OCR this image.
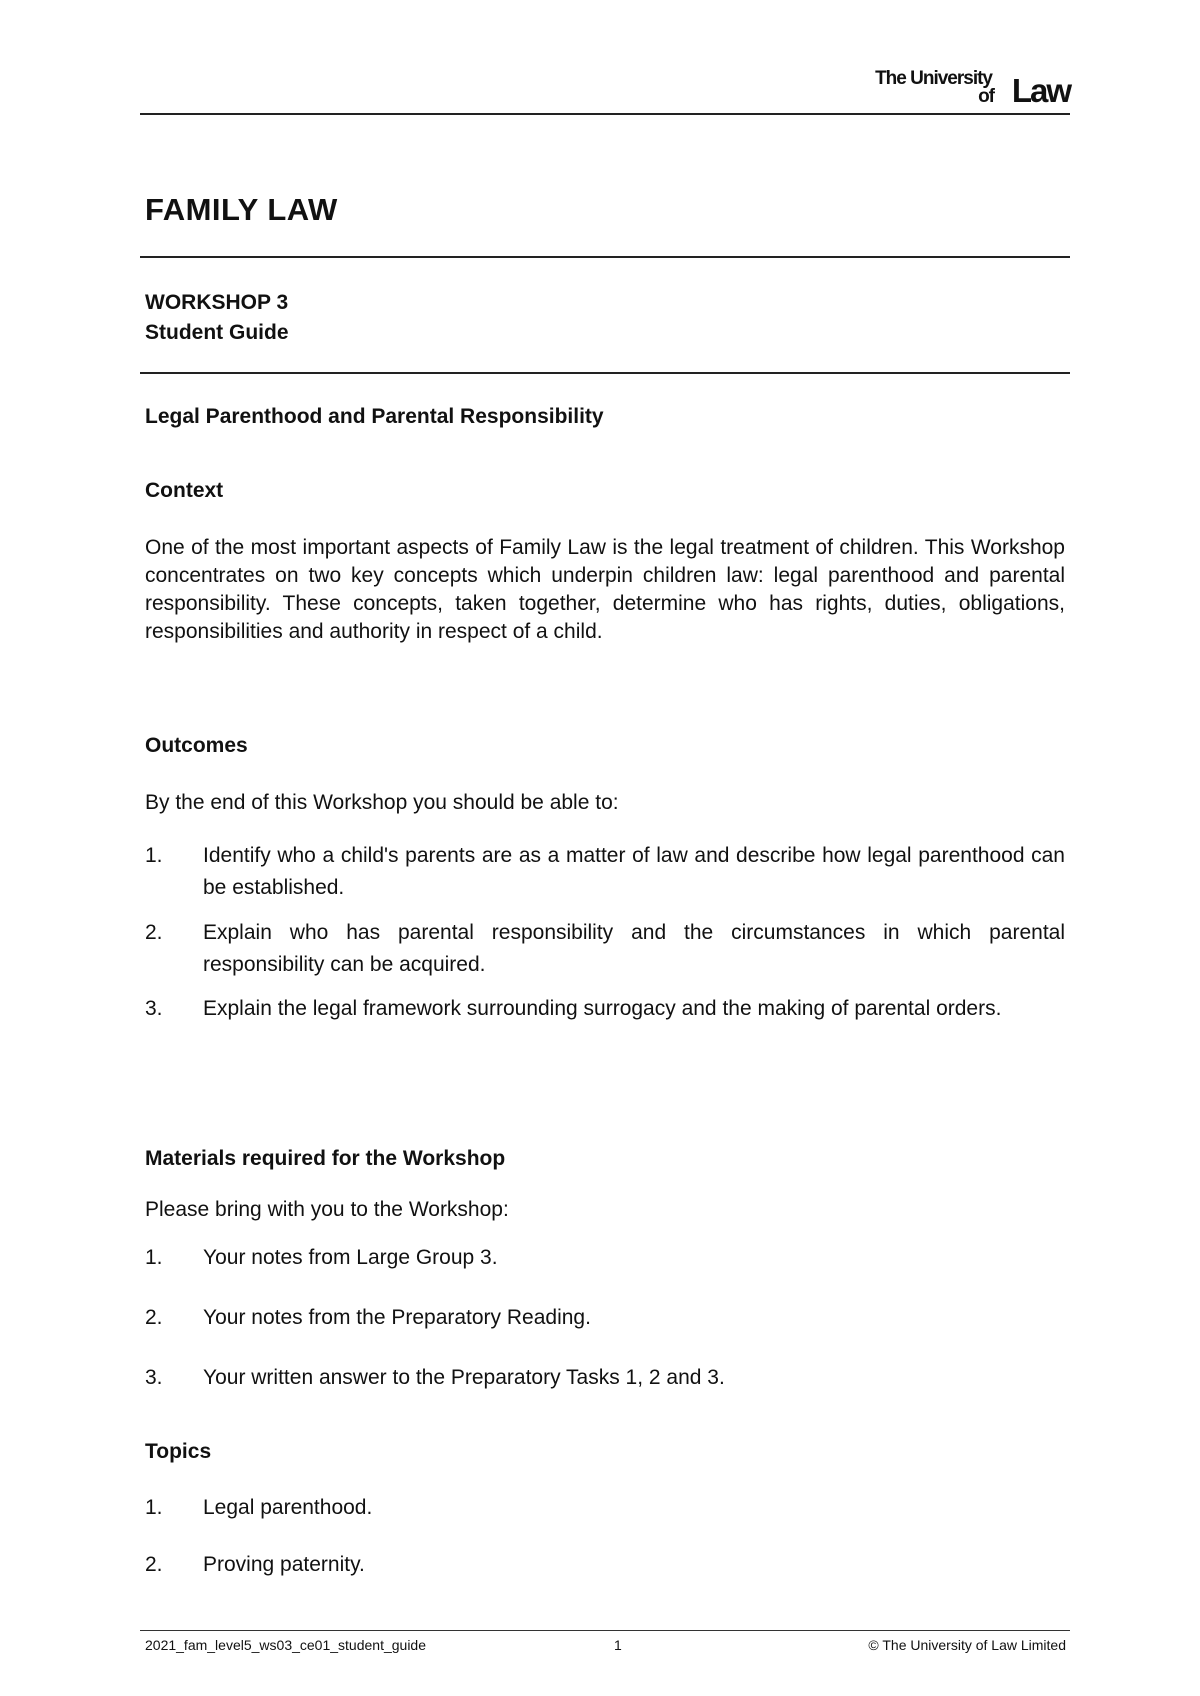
The University
of Law
FAMILY LAW
WORKSHOP 3
Student Guide
Legal Parenthood and Parental Responsibility
Context
One of the most important aspects of Family Law is the legal treatment of children. This Workshop concentrates on two key concepts which underpin children law: legal parenthood and parental responsibility. These concepts, taken together, determine who has rights, duties, obligations, responsibilities and authority in respect of a child.
Outcomes
By the end of this Workshop you should be able to:
1. Identify who a child's parents are as a matter of law and describe how legal parenthood can be established.
2. Explain who has parental responsibility and the circumstances in which parental responsibility can be acquired.
3. Explain the legal framework surrounding surrogacy and the making of parental orders.
Materials required for the Workshop
Please bring with you to the Workshop:
1. Your notes from Large Group 3.
2. Your notes from the Preparatory Reading.
3. Your written answer to the Preparatory Tasks 1, 2 and 3.
Topics
1. Legal parenthood.
2. Proving paternity.
2021_fam_level5_ws03_ce01_student_guide	1	© The University of Law Limited
